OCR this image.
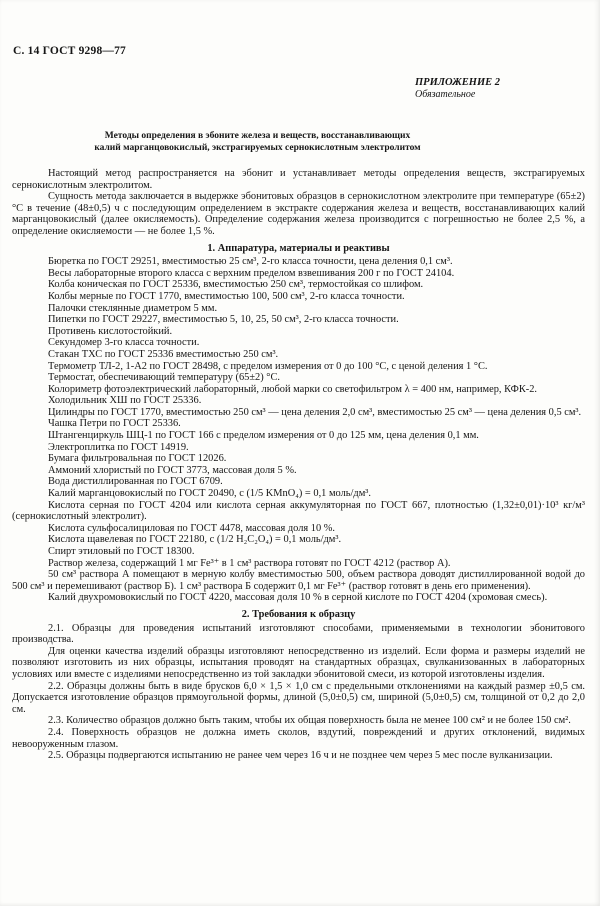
С. 14 ГОСТ 9298—77
ПРИЛОЖЕНИЕ 2
Обязательное
Методы определения в эбоните железа и веществ, восстанавливающих
калий марганцовокислый, экстрагируемых сернокислотным электролитом

Настоящий метод распространяется на эбонит и устанавливает методы определения веществ, экстрагируемых сернокислотным электролитом.

Сущность метода заключается в выдержке эбонитовых образцов в сернокислотном электролите при температуре (65±2) °С в течение (48±0,5) ч с последующим определением в экстракте содержания железа и веществ, восстанавливающих калий марганцовокислый (далее окисляемость). Определение содержания железа производится с погрешностью не более 2,5 %, а определение окисляемости — не более 1,5 %.

1. Аппаратура, материалы и реактивы

Бюретка по ГОСТ 29251, вместимостью 25 см³, 2-го класса точности, цена деления 0,1 см³.

Весы лабораторные второго класса с верхним пределом взвешивания 200 г по ГОСТ 24104.

Колба коническая по ГОСТ 25336, вместимостью 250 см³, термостойкая со шлифом.

Колбы мерные по ГОСТ 1770, вместимостью 100, 500 см³, 2-го класса точности.

Палочки стеклянные диаметром 5 мм.

Пипетки по ГОСТ 29227, вместимостью 5, 10, 25, 50 см³, 2-го класса точности.

Противень кислотостойкий.

Секундомер 3-го класса точности.

Стакан ТХС по ГОСТ 25336 вместимостью 250 см³.

Термометр ТЛ-2, 1-А2 по ГОСТ 28498, с пределом измерения от 0 до 100 °С, с ценой деления 1 °С.

Термостат, обеспечивающий температуру (65±2) °С.

Колориметр фотоэлектрический лабораторный, любой марки со светофильтром λ = 400 нм, например, КФК-2.

Холодильник ХШ по ГОСТ 25336.

Цилиндры по ГОСТ 1770, вместимостью 250 см³ — цена деления 2,0 см³, вместимостью 25 см³ — цена деления 0,5 см³.

Чашка Петри по ГОСТ 25336.

Штангенциркуль ШЦ-1 по ГОСТ 166 с пределом измерения от 0 до 125 мм, цена деления 0,1 мм.

Электроплитка по ГОСТ 14919.

Бумага фильтровальная по ГОСТ 12026.

Аммоний хлористый по ГОСТ 3773, массовая доля 5 %.

Вода дистиллированная по ГОСТ 6709.

Калий марганцовокислый по ГОСТ 20490, с (1/5 KMnO₄) = 0,1 моль/дм³.

Кислота серная по ГОСТ 4204 или кислота серная аккумуляторная по ГОСТ 667, плотностью (1,32±0,01)·10³ кг/м³ (сернокислотный электролит).

Кислота сульфосалициловая по ГОСТ 4478, массовая доля 10 %.

Кислота щавелевая по ГОСТ 22180, с (1/2 H₂C₂O₄) = 0,1 моль/дм³.

Спирт этиловый по ГОСТ 18300.

Раствор железа, содержащий 1 мг Fe³⁺ в 1 см³ раствора готовят по ГОСТ 4212 (раствор А).

50 см³ раствора А помещают в мерную колбу вместимостью 500, объем раствора доводят дистиллированной водой до 500 см³ и перемешивают (раствор Б). 1 см³ раствора Б содержит 0,1 мг Fe³⁺ (раствор готовят в день его применения).

Калий двухромовокислый по ГОСТ 4220, массовая доля 10 % в серной кислоте по ГОСТ 4204 (хромовая смесь).

2. Требования к образцу

2.1. Образцы для проведения испытаний изготовляют способами, применяемыми в технологии эбонитового производства.

Для оценки качества изделий образцы изготовляют непосредственно из изделий. Если форма и размеры изделий не позволяют изготовить из них образцы, испытания проводят на стандартных образцах, свулканизованных в лабораторных условиях или вместе с изделиями непосредственно из той закладки эбонитовой смеси, из которой изготовлены изделия.

2.2. Образцы должны быть в виде брусков 6,0 × 1,5 × 1,0 см с предельными отклонениями на каждый размер ±0,5 см. Допускается изготовление образцов прямоугольной формы, длиной (5,0±0,5) см, шириной (5,0±0,5) см, толщиной от 0,2 до 2,0 см.

2.3. Количество образцов должно быть таким, чтобы их общая поверхность была не менее 100 см² и не более 150 см².

2.4. Поверхность образцов не должна иметь сколов, вздутий, повреждений и других отклонений, видимых невооруженным глазом.

2.5. Образцы подвергаются испытанию не ранее чем через 16 ч и не позднее чем через 5 мес после вулканизации.
